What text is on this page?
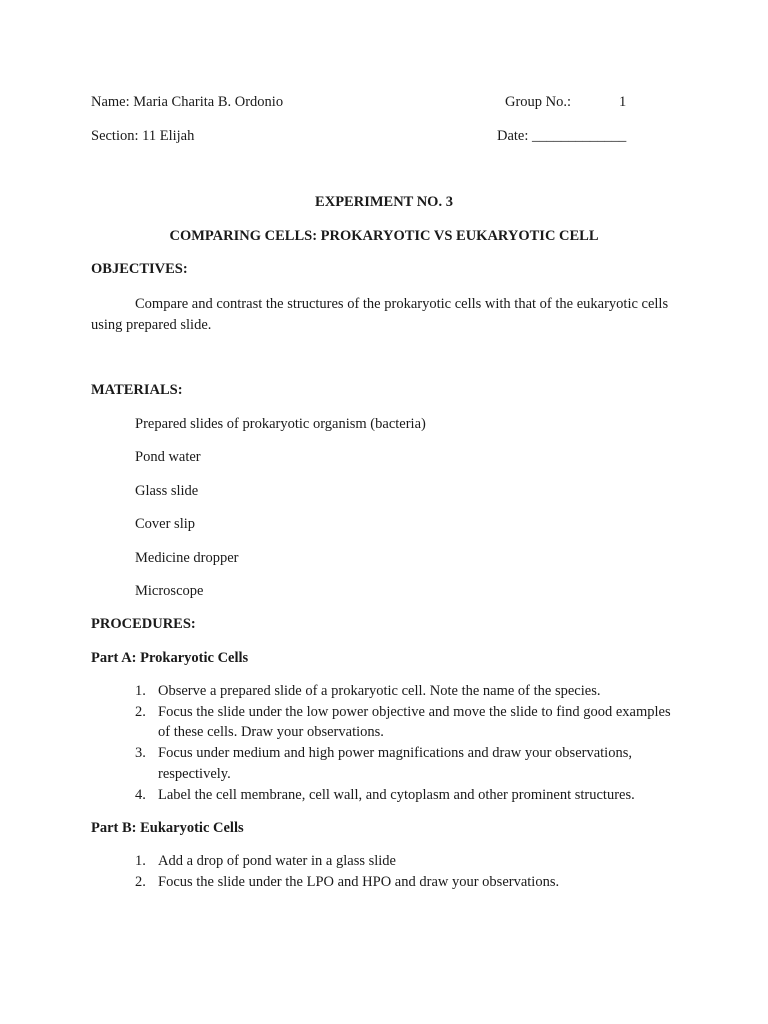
Name: Maria Charita B. Ordonio	Group No.:	1
Section: 11 Elijah	Date: _____________
EXPERIMENT NO. 3
COMPARING CELLS: PROKARYOTIC VS EUKARYOTIC CELL
OBJECTIVES:
Compare and contrast the structures of the prokaryotic cells with that of the eukaryotic cells using prepared slide.
MATERIALS:
Prepared slides of prokaryotic organism (bacteria)
Pond water
Glass slide
Cover slip
Medicine dropper
Microscope
PROCEDURES:
Part A: Prokaryotic Cells
1. Observe a prepared slide of a prokaryotic cell. Note the name of the species.
2. Focus the slide under the low power objective and move the slide to find good examples of these cells. Draw your observations.
3. Focus under medium and high power magnifications and draw your observations, respectively.
4. Label the cell membrane, cell wall, and cytoplasm and other prominent structures.
Part B: Eukaryotic Cells
1. Add a drop of pond water in a glass slide
2. Focus the slide under the LPO and HPO and draw your observations.
